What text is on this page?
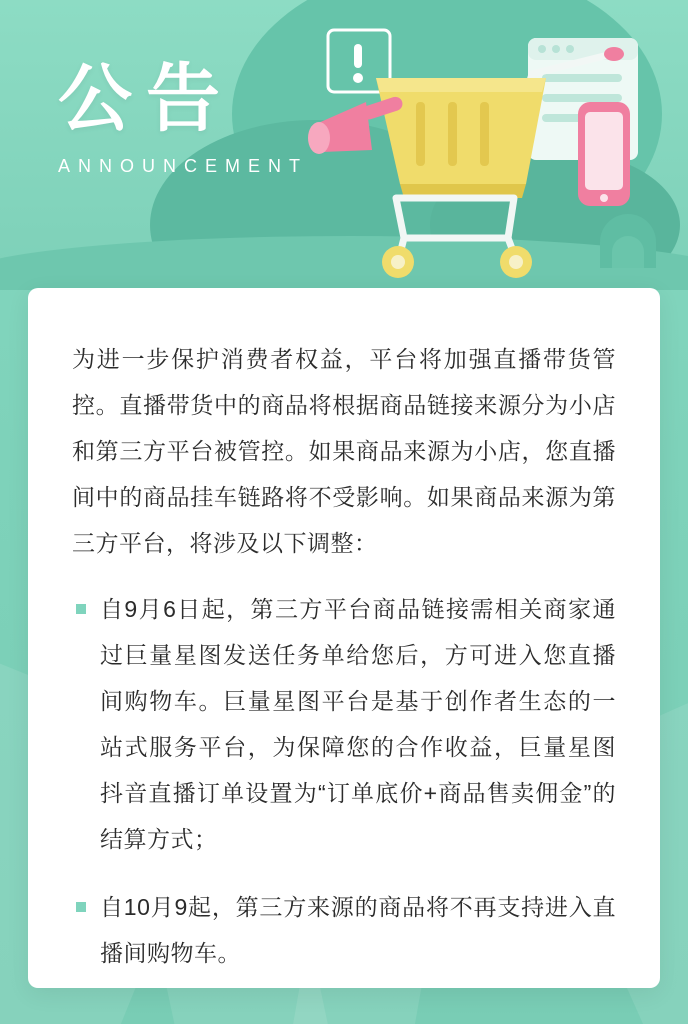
公告
ANNOUNCEMENT

为进一步保护消费者权益，平台将加强直播带货管控。直播带货中的商品将根据商品链接来源分为小店和第三方平台被管控。如果商品来源为小店，您直播间中的商品挂车链路将不受影响。如果商品来源为第三方平台，将涉及以下调整：

自9月6日起，第三方平台商品链接需相关商家通过巨量星图发送任务单给您后，方可进入您直播间购物车。巨量星图平台是基于创作者生态的一站式服务平台，为保障您的合作收益，巨量星图抖音直播订单设置为“订单底价+商品售卖佣金”的结算方式；
自10月9起，第三方来源的商品将不再支持进入直播间购物车。
